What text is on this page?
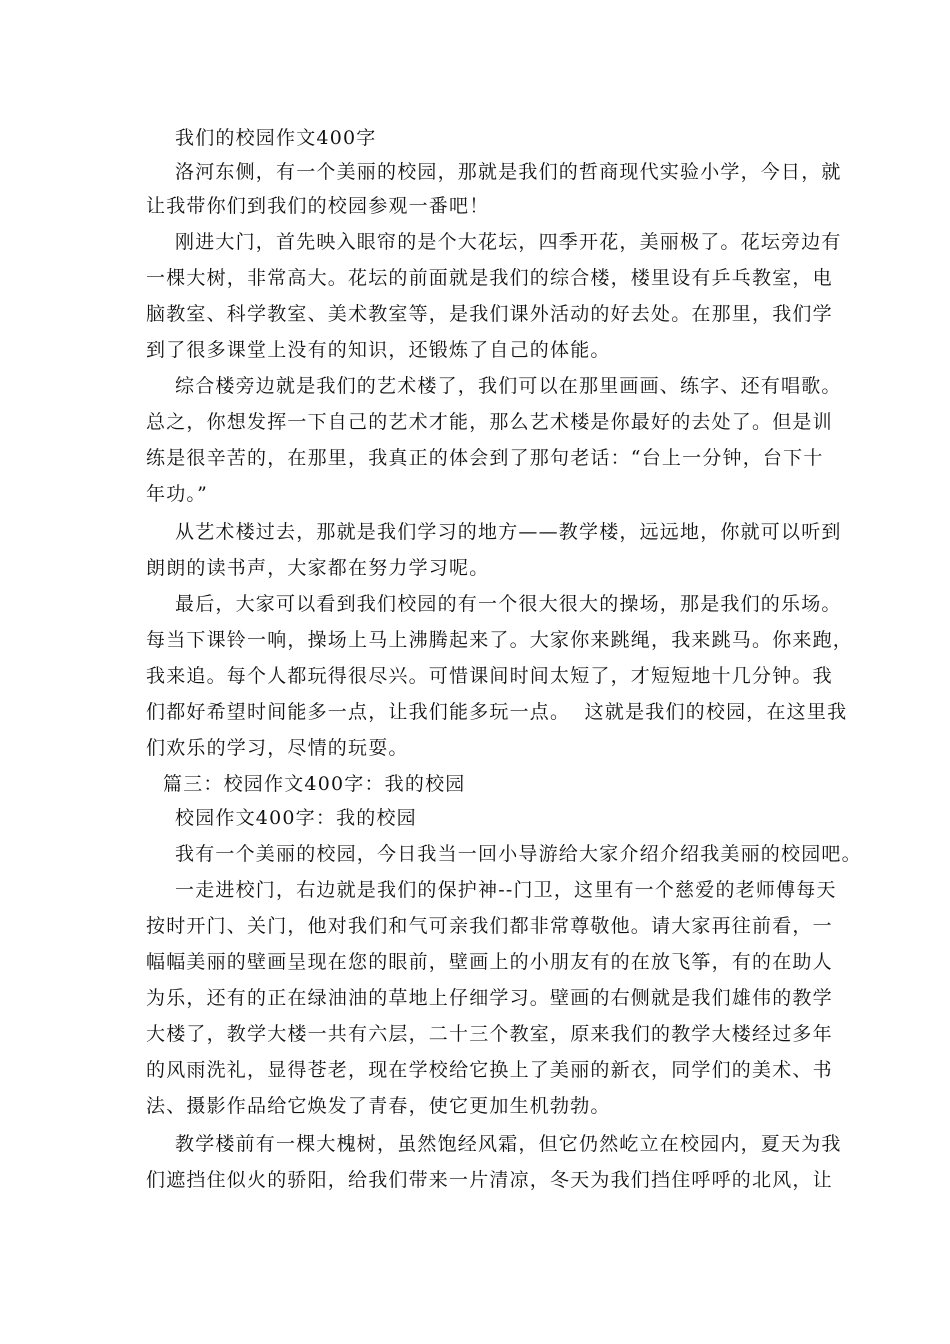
我们的校园作文400字
洛河东侧，有一个美丽的校园，那就是我们的哲商现代实验小学，今日，就
让我带你们到我们的校园参观一番吧！
刚进大门，首先映入眼帘的是个大花坛，四季开花，美丽极了。花坛旁边有
一棵大树，非常高大。花坛的前面就是我们的综合楼，楼里设有乒乓教室，电
脑教室、科学教室、美术教室等，是我们课外活动的好去处。在那里，我们学
到了很多课堂上没有的知识，还锻炼了自己的体能。
综合楼旁边就是我们的艺术楼了，我们可以在那里画画、练字、还有唱歌。
总之，你想发挥一下自己的艺术才能，那么艺术楼是你最好的去处了。但是训
练是很辛苦的，在那里，我真正的体会到了那句老话：“台上一分钟，台下十
年功。”
从艺术楼过去，那就是我们学习的地方——教学楼，远远地，你就可以听到
朗朗的读书声，大家都在努力学习呢。
最后，大家可以看到我们校园的有一个很大很大的操场，那是我们的乐场。
每当下课铃一响，操场上马上沸腾起来了。大家你来跳绳，我来跳马。你来跑，
我来追。每个人都玩得很尽兴。可惜课间时间太短了，才短短地十几分钟。我
们都好希望时间能多一点，让我们能多玩一点。  这就是我们的校园，在这里我
们欢乐的学习，尽情的玩耍。
篇三：校园作文400字：我的校园
校园作文400字：我的校园
我有一个美丽的校园，今日我当一回小导游给大家介绍介绍我美丽的校园吧。
一走进校门，右边就是我们的保护神--门卫，这里有一个慈爱的老师傅每天
按时开门、关门，他对我们和气可亲我们都非常尊敬他。请大家再往前看，一
幅幅美丽的壁画呈现在您的眼前，壁画上的小朋友有的在放飞筝，有的在助人
为乐，还有的正在绿油油的草地上仔细学习。壁画的右侧就是我们雄伟的教学
大楼了，教学大楼一共有六层，二十三个教室，原来我们的教学大楼经过多年
的风雨洗礼，显得苍老，现在学校给它换上了美丽的新衣，同学们的美术、书
法、摄影作品给它焕发了青春，使它更加生机勃勃。
教学楼前有一棵大槐树，虽然饱经风霜，但它仍然屹立在校园内，夏天为我
们遮挡住似火的骄阳，给我们带来一片清凉，冬天为我们挡住呼呼的北风，让
